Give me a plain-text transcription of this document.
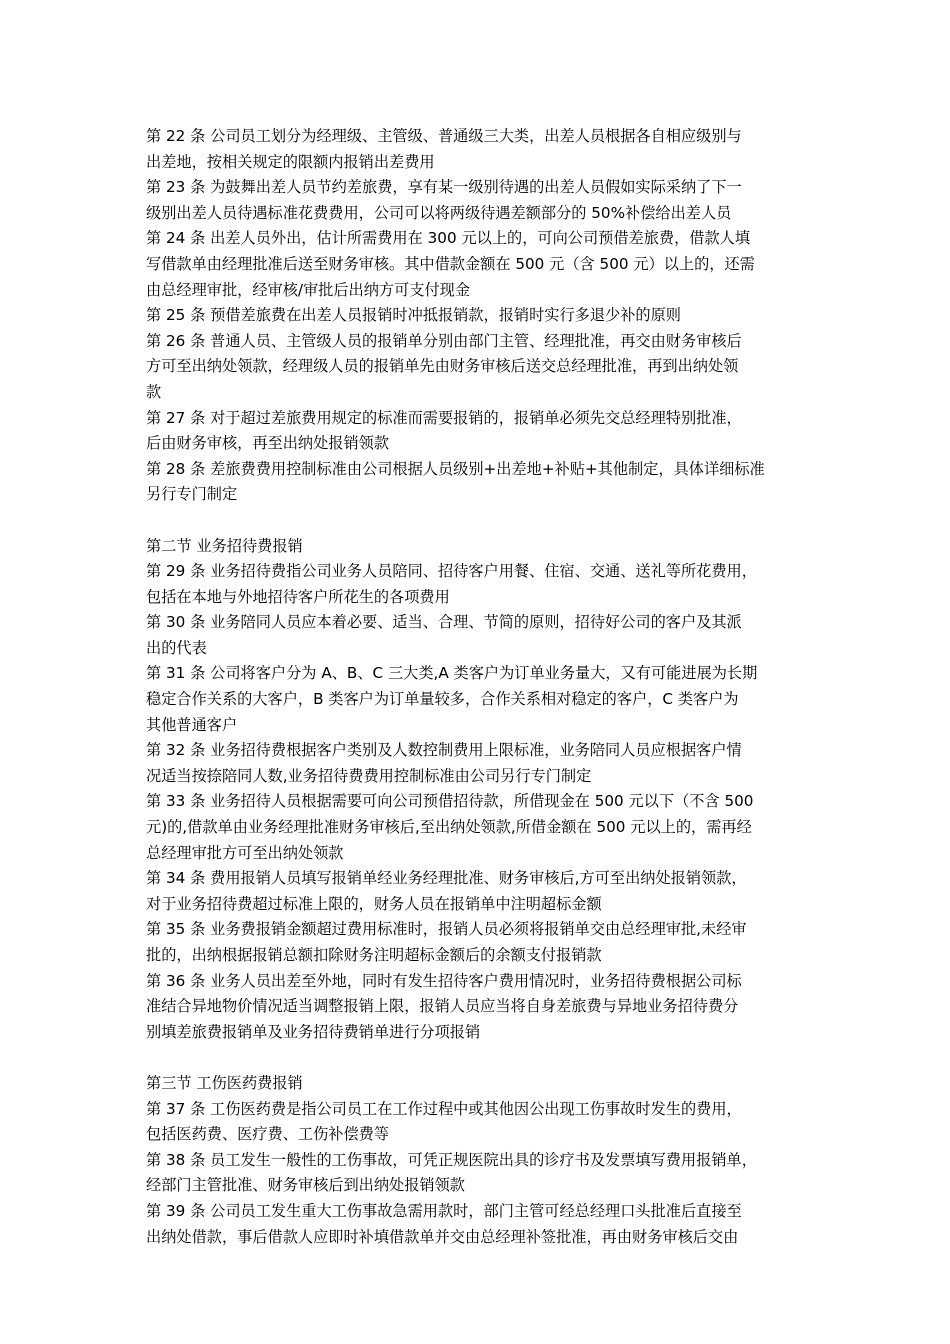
第 22 条 公司员工划分为经理级、主管级、普通级三大类，出差人员根据各自相应级别与
出差地，按相关规定的限额内报销出差费用
第 23 条 为鼓舞出差人员节约差旅费，享有某一级别待遇的出差人员假如实际采纳了下一
级别出差人员待遇标准花费费用，公司可以将两级待遇差额部分的 50%补偿给出差人员
第 24 条 出差人员外出，估计所需费用在 300 元以上的，可向公司预借差旅费，借款人填
写借款单由经理批准后送至财务审核。其中借款金额在 500 元（含 500 元）以上的，还需
由总经理审批，经审核/审批后出纳方可支付现金
第 25 条 预借差旅费在出差人员报销时冲抵报销款，报销时实行多退少补的原则
第 26 条 普通人员、主管级人员的报销单分别由部门主管、经理批准，再交由财务审核后
方可至出纳处领款，经理级人员的报销单先由财务审核后送交总经理批准，再到出纳处领
款
第 27 条 对于超过差旅费用规定的标准而需要报销的，报销单必须先交总经理特别批准，
后由财务审核，再至出纳处报销领款
第 28 条 差旅费费用控制标准由公司根据人员级别+出差地+补贴+其他制定，具体详细标准
另行专门制定
第二节 业务招待费报销
第 29 条 业务招待费指公司业务人员陪同、招待客户用餐、住宿、交通、送礼等所花费用，
包括在本地与外地招待客户所花生的各项费用
第 30 条 业务陪同人员应本着必要、适当、合理、节简的原则，招待好公司的客户及其派
出的代表
第 31 条 公司将客户分为 A、B、C 三大类,A 类客户为订单业务量大，又有可能进展为长期
稳定合作关系的大客户，B 类客户为订单量较多，合作关系相对稳定的客户，C 类客户为
其他普通客户
第 32 条 业务招待费根据客户类别及人数控制费用上限标准，业务陪同人员应根据客户情
况适当按捺陪同人数,业务招待费费用控制标准由公司另行专门制定
第 33 条 业务招待人员根据需要可向公司预借招待款，所借现金在 500 元以下（不含 500
元)的,借款单由业务经理批准财务审核后,至出纳处领款,所借金额在 500 元以上的，需再经
总经理审批方可至出纳处领款
第 34 条 费用报销人员填写报销单经业务经理批准、财务审核后,方可至出纳处报销领款，
对于业务招待费超过标准上限的，财务人员在报销单中注明超标金额
第 35 条 业务费报销金额超过费用标准时，报销人员必须将报销单交由总经理审批,未经审
批的，出纳根据报销总额扣除财务注明超标金额后的余额支付报销款
第 36 条 业务人员出差至外地，同时有发生招待客户费用情况时，业务招待费根据公司标
准结合异地物价情况适当调整报销上限，报销人员应当将自身差旅费与异地业务招待费分
别填差旅费报销单及业务招待费销单进行分项报销
第三节 工伤医药费报销
第 37 条 工伤医药费是指公司员工在工作过程中或其他因公出现工伤事故时发生的费用，
包括医药费、医疗费、工伤补偿费等
第 38 条 员工发生一般性的工伤事故，可凭正规医院出具的诊疗书及发票填写费用报销单，
经部门主管批准、财务审核后到出纳处报销领款
第 39 条 公司员工发生重大工伤事故急需用款时，部门主管可经总经理口头批准后直接至
出纳处借款，事后借款人应即时补填借款单并交由总经理补签批准，再由财务审核后交由
